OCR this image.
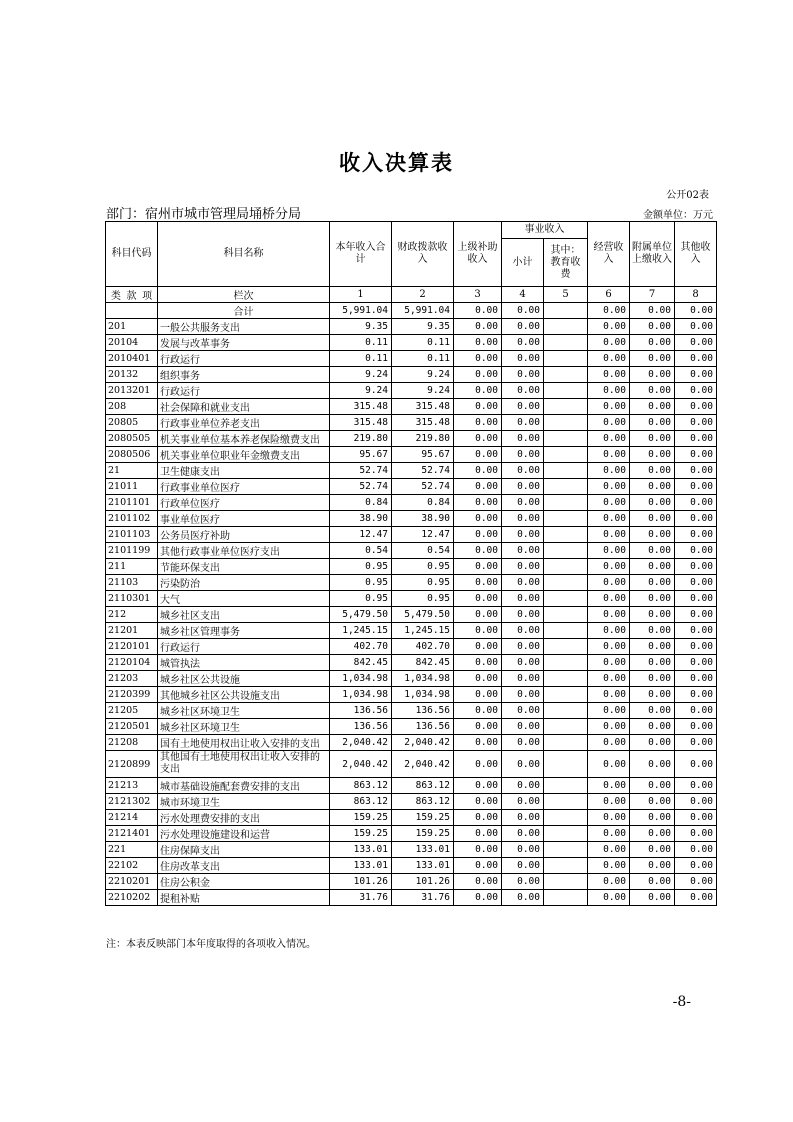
收入决算表
公开02表
部门：宿州市城市管理局埇桥分局	金额单位：万元
科目代码	科目名称	本年收入合计	财政拨款收入	上级补助收入	事业收入		经营收入	附属单位上缴收入	其他收入
					小计	其中：教育收费			

类 款 项	栏次	1	2	3	4	5	6	7	8
	合计	5,991.04	5,991.04	0.00	0.00		0.00	0.00	0.00
201	一般公共服务支出	9.35	9.35	0.00	0.00		0.00	0.00	0.00
20104	发展与改革事务	0.11	0.11	0.00	0.00		0.00	0.00	0.00
2010401	行政运行	0.11	0.11	0.00	0.00		0.00	0.00	0.00
20132	组织事务	9.24	9.24	0.00	0.00		0.00	0.00	0.00
2013201	行政运行	9.24	9.24	0.00	0.00		0.00	0.00	0.00
208	社会保障和就业支出	315.48	315.48	0.00	0.00		0.00	0.00	0.00
20805	行政事业单位养老支出	315.48	315.48	0.00	0.00		0.00	0.00	0.00
2080505	机关事业单位基本养老保险缴费支出	219.80	219.80	0.00	0.00		0.00	0.00	0.00
2080506	机关事业单位职业年金缴费支出	95.67	95.67	0.00	0.00		0.00	0.00	0.00
21	卫生健康支出	52.74	52.74	0.00	0.00		0.00	0.00	0.00
21011	行政事业单位医疗	52.74	52.74	0.00	0.00		0.00	0.00	0.00
2101101	行政单位医疗	0.84	0.84	0.00	0.00		0.00	0.00	0.00
2101102	事业单位医疗	38.90	38.90	0.00	0.00		0.00	0.00	0.00
2101103	公务员医疗补助	12.47	12.47	0.00	0.00		0.00	0.00	0.00
2101199	其他行政事业单位医疗支出	0.54	0.54	0.00	0.00		0.00	0.00	0.00
211	节能环保支出	0.95	0.95	0.00	0.00		0.00	0.00	0.00
21103	污染防治	0.95	0.95	0.00	0.00		0.00	0.00	0.00
2110301	大气	0.95	0.95	0.00	0.00		0.00	0.00	0.00
212	城乡社区支出	5,479.50	5,479.50	0.00	0.00		0.00	0.00	0.00
21201	城乡社区管理事务	1,245.15	1,245.15	0.00	0.00		0.00	0.00	0.00
2120101	行政运行	402.70	402.70	0.00	0.00		0.00	0.00	0.00
2120104	城管执法	842.45	842.45	0.00	0.00		0.00	0.00	0.00
21203	城乡社区公共设施	1,034.98	1,034.98	0.00	0.00		0.00	0.00	0.00
2120399	其他城乡社区公共设施支出	1,034.98	1,034.98	0.00	0.00		0.00	0.00	0.00
21205	城乡社区环境卫生	136.56	136.56	0.00	0.00		0.00	0.00	0.00
2120501	城乡社区环境卫生	136.56	136.56	0.00	0.00		0.00	0.00	0.00
21208	国有土地使用权出让收入安排的支出	2,040.42	2,040.42	0.00	0.00		0.00	0.00	0.00
2120899	其他国有土地使用权出让收入安排的支出	2,040.42	2,040.42	0.00	0.00		0.00	0.00	0.00
21213	城市基础设施配套费安排的支出	863.12	863.12	0.00	0.00		0.00	0.00	0.00
2121302	城市环境卫生	863.12	863.12	0.00	0.00		0.00	0.00	0.00
21214	污水处理费安排的支出	159.25	159.25	0.00	0.00		0.00	0.00	0.00
2121401	污水处理设施建设和运营	159.25	159.25	0.00	0.00		0.00	0.00	0.00
221	住房保障支出	133.01	133.01	0.00	0.00		0.00	0.00	0.00
22102	住房改革支出	133.01	133.01	0.00	0.00		0.00	0.00	0.00
2210201	住房公积金	101.26	101.26	0.00	0.00		0.00	0.00	0.00
2210202	提租补贴	31.76	31.76	0.00	0.00		0.00	0.00	0.00
注：本表反映部门本年度取得的各项收入情况。
-8-
